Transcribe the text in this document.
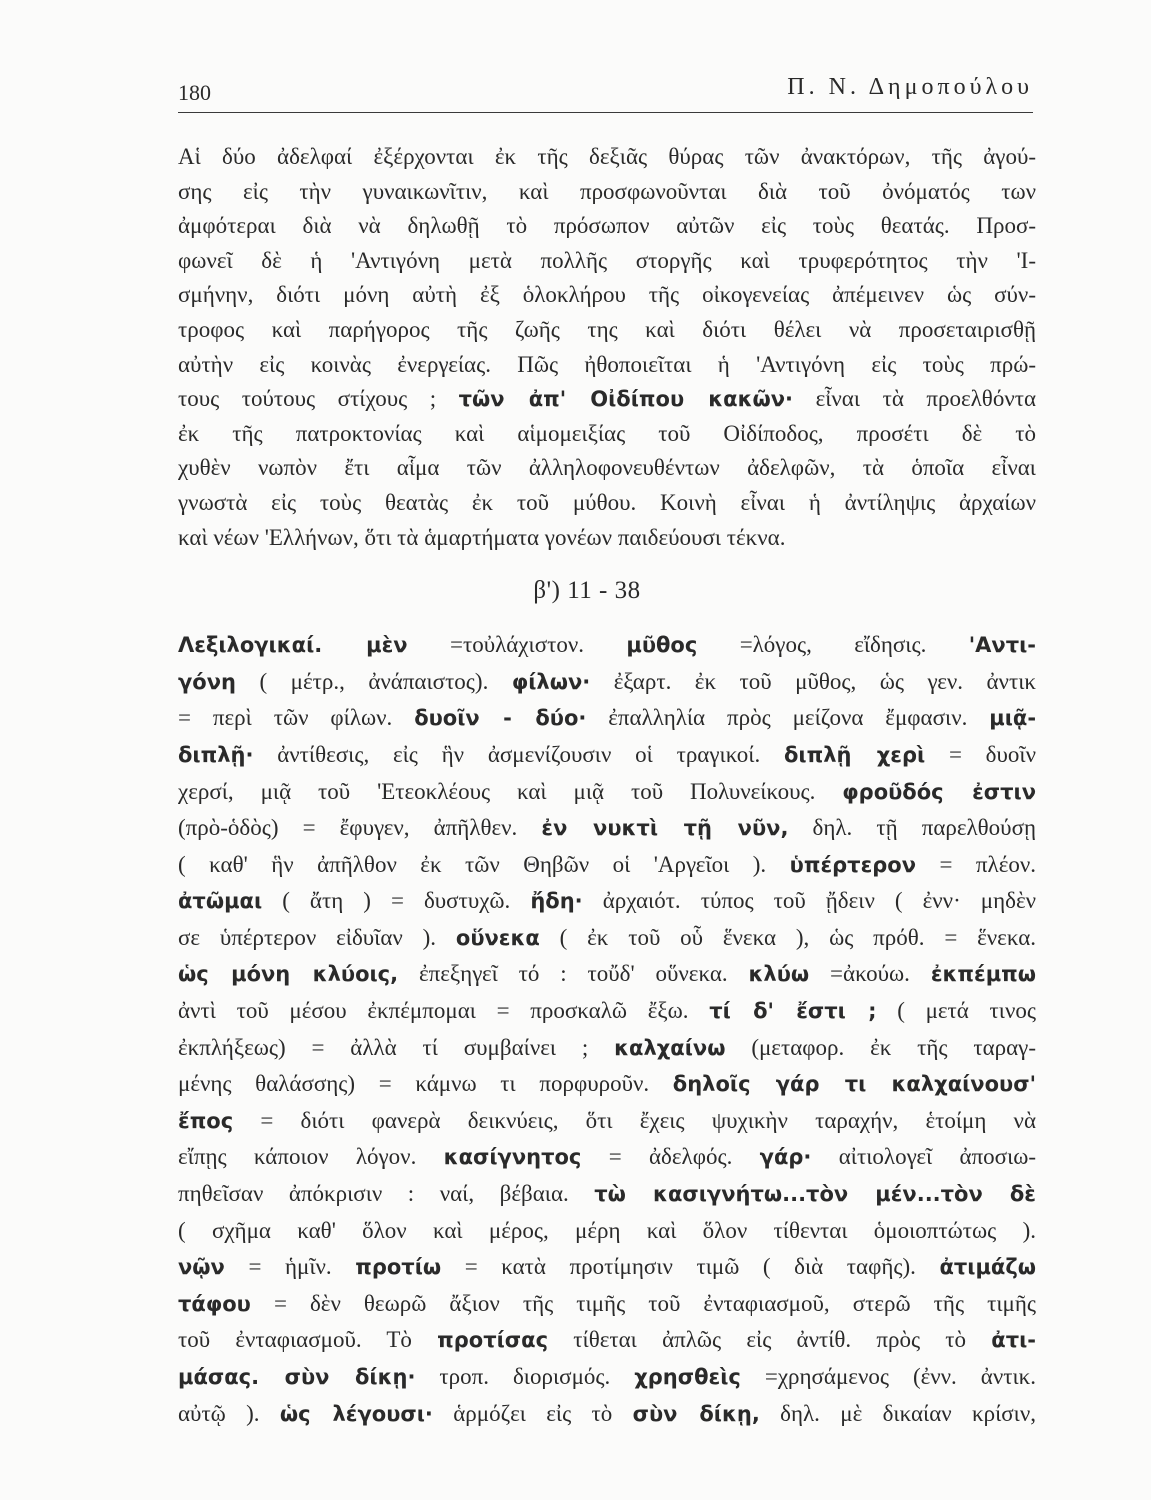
180	Π. Ν. Δημοπούλου
Αἱ δύο ἀδελφαί ἐξέρχονται ἐκ τῆς δεξιᾶς θύρας τῶν ἀνακτόρων, τῆς ἀγού-
σης εἰς τὴν γυναικωνῖτιν, καὶ προσφωνοῦνται διὰ τοῦ ὀνόματός των
ἀμφότεραι διὰ νὰ δηλωθῇ τὸ πρόσωπον αὐτῶν εἰς τοὺς θεατάς. Προσ-
φωνεῖ δὲ ἡ 'Αντιγόνη μετὰ πολλῆς στοργῆς καὶ τρυφερότητος τὴν 'Ι-
σμήνην, διότι μόνη αὐτὴ ἐξ ὁλοκλήρου τῆς οἰκογενείας ἀπέμεινεν ὡς σύν-
τροφος καὶ παρήγορος τῆς ζωῆς της καὶ διότι θέλει νὰ προσεταιρισθῇ
αὐτὴν εἰς κοινὰς ἐνεργείας. Πῶς ἠθοποιεῖται ἡ 'Αντιγόνη εἰς τοὺς πρώ-
τους τούτους στίχους ; τῶν ἀπ' Οἰδίπου κακῶν· εἶναι τὰ προελθόντα
ἐκ τῆς πατροκτονίας καὶ αἱμομειξίας τοῦ Οἰδίποδος, προσέτι δὲ τὸ
χυθὲν νωπὸν ἔτι αἷμα τῶν ἀλληλοφονευθέντων ἀδελφῶν, τὰ ὁποῖα εἶναι
γνωστὰ εἰς τοὺς θεατὰς ἐκ τοῦ μύθου. Κοινὴ εἶναι ἡ ἀντίληψις ἀρχαίων
καὶ νέων 'Ελλήνων, ὅτι τὰ ἁμαρτήματα γονέων παιδεύουσι τέκνα.
β') 11 - 38
Λεξιλογικαί. μὲν =τοὐλάχιστον. μῦθος =λόγος, εἴδησις. 'Αντι-
γόνη ( μέτρ., ἀνάπαιστος). φίλων· ἐξαρτ. ἐκ τοῦ μῦθος, ὡς γεν. ἀντικ
= περὶ τῶν φίλων. δυοῖν - δύο· ἐπαλληλία πρὸς μείζονα ἔμφασιν. μιᾷ-
διπλῇ· ἀντίθεσις, εἰς ἣν ἀσμενίζουσιν οἱ τραγικοί. διπλῇ χερὶ = δυοῖν
χερσί, μιᾷ τοῦ 'Ετεοκλέους καὶ μιᾷ τοῦ Πολυνείκους. φροῦδός ἐστιν
(πρὸ-ὁδὸς) = ἔφυγεν, ἀπῆλθεν. ἐν νυκτὶ τῇ νῦν, δηλ. τῇ παρελθούσῃ
( καθ' ἣν ἀπῆλθον ἐκ τῶν Θηβῶν οἱ 'Αργεῖοι ). ὑπέρτερον = πλέον.
ἀτῶμαι ( ἄτη ) = δυστυχῶ. ἤδη· ἀρχαιότ. τύπος τοῦ ᾔδειν ( ἐνν· μηδὲν
σε ὑπέρτερον εἰδυῖαν ). οὕνεκα ( ἐκ τοῦ οὗ ἕνεκα ), ὡς πρόθ. = ἕνεκα.
ὡς μόνη κλύοις, ἐπεξηγεῖ τό : τοὔδ' οὕνεκα. κλύω =ἀκούω. ἐκπέμπω
ἀντὶ τοῦ μέσου ἐκπέμπομαι = προσκαλῶ ἔξω. τί δ' ἔστι ; ( μετά τινος
ἐκπλήξεως) = ἀλλὰ τί συμβαίνει ; καλχαίνω (μεταφορ. ἐκ τῆς ταραγ-
μένης θαλάσσης) = κάμνω τι πορφυροῦν. δηλοῖς γάρ τι καλχαίνουσ'
ἔπος = διότι φανερὰ δεικνύεις, ὅτι ἔχεις ψυχικὴν ταραχήν, ἑτοίμη νὰ
εἴπῃς κάποιον λόγον. κασίγνητος = ἀδελφός. γάρ· αἰτιολογεῖ ἀποσιω-
πηθεῖσαν ἀπόκρισιν : ναί, βέβαια. τὼ κασιγνήτω...τὸν μέν...τὸν δὲ
( σχῆμα καθ' ὅλον καὶ μέρος, μέρη καὶ ὅλον τίθενται ὁμοιοπτώτως ).
νῷν = ἡμῖν. προτίω = κατὰ προτίμησιν τιμῶ ( διὰ ταφῆς). ἀτιμάζω
τάφου = δὲν θεωρῶ ἄξιον τῆς τιμῆς τοῦ ἐνταφιασμοῦ, στερῶ τῆς τιμῆς
τοῦ ἐνταφιασμοῦ. Τὸ προτίσας τίθεται ἀπλῶς εἰς ἀντίθ. πρὸς τὸ ἀτι-
μάσας. σὺν δίκῃ· τροπ. διορισμός. χρησθεὶς =χρησάμενος (ἐνν. ἀντικ.
αὐτῷ ). ὡς λέγουσι· ἁρμόζει εἰς τὸ σὺν δίκῃ, δηλ. μὲ δικαίαν κρίσιν,
